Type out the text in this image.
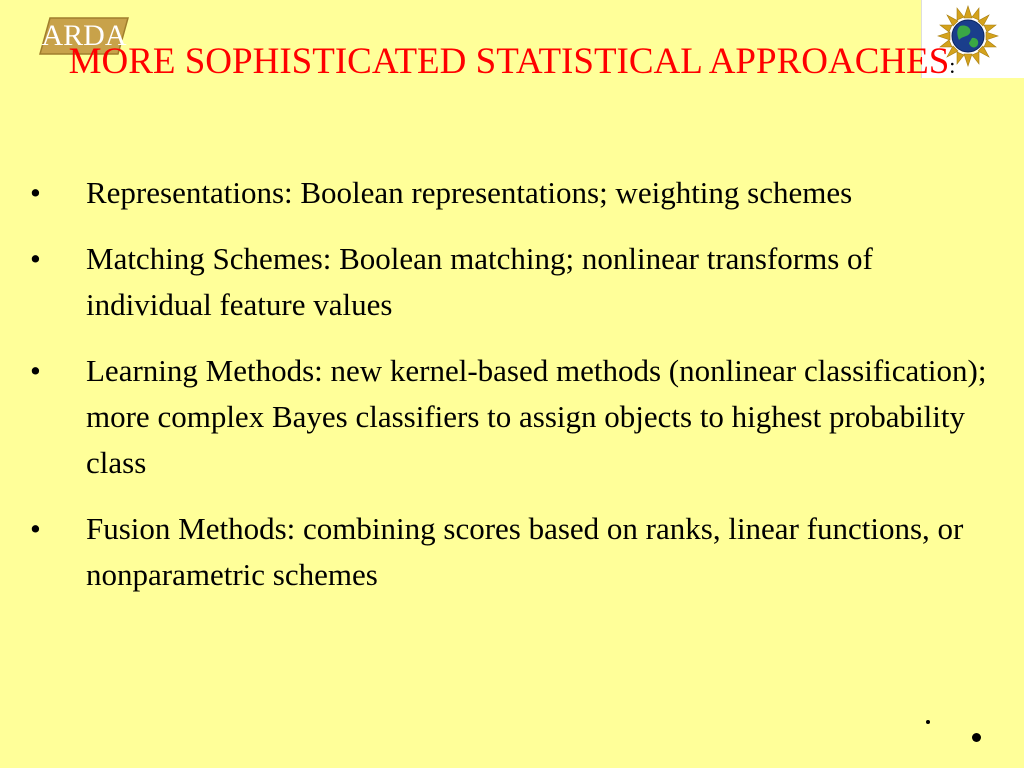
ARDA
MORE SOPHISTICATED STATISTICAL APPROACHES:
•	Representations: Boolean representations; weighting schemes
•	Matching Schemes: Boolean matching; nonlinear transforms of individual feature values
•	Learning Methods: new kernel-based methods (nonlinear classification); more complex Bayes classifiers to assign objects to highest probability class
•	Fusion Methods: combining scores based on ranks, linear functions, or nonparametric schemes
